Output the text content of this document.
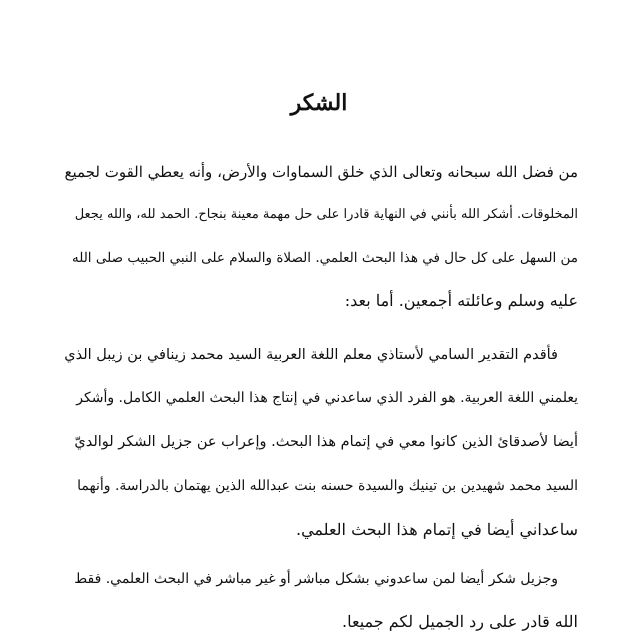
الشكر
من فضل الله سبحانه وتعالى الذي خلق السماوات والأرض، وأنه يعطي القوت لجميع
المخلوقات. أشكر الله بأنني في النهاية قادرا على حل مهمة معينة بنجاح. الحمد لله، والله يجعل
من السهل على كل حال في هذا البحث العلمي. الصلاة والسلام على النبي الحبيب صلى الله
عليه وسلم وعائلته أجمعين. أما بعد:
فأقدم التقدير السامي لأستاذي معلم اللغة العربية السيد محمد زينافي بن زيبل الذي
يعلمني اللغة العربية. هو الفرد الذي ساعدني في إنتاج هذا البحث العلمي الكامل. وأشكر
أيضا لأصدقائ الذين كانوا معي في إتمام هذا البحث. وإعراب عن جزيل الشكر لوالديّ
السيد محمد شهيدين بن تينيك والسيدة حسنه بنت عبدالله الذين يهتمان بالدراسة. وأنهما
ساعداني أيضا في إتمام هذا البحث العلمي.
وجزيل شكر أيضا لمن ساعدوني بشكل مباشر أو غير مباشر في البحث العلمي. فقط
الله قادر على رد الجميل لكم جميعا.
